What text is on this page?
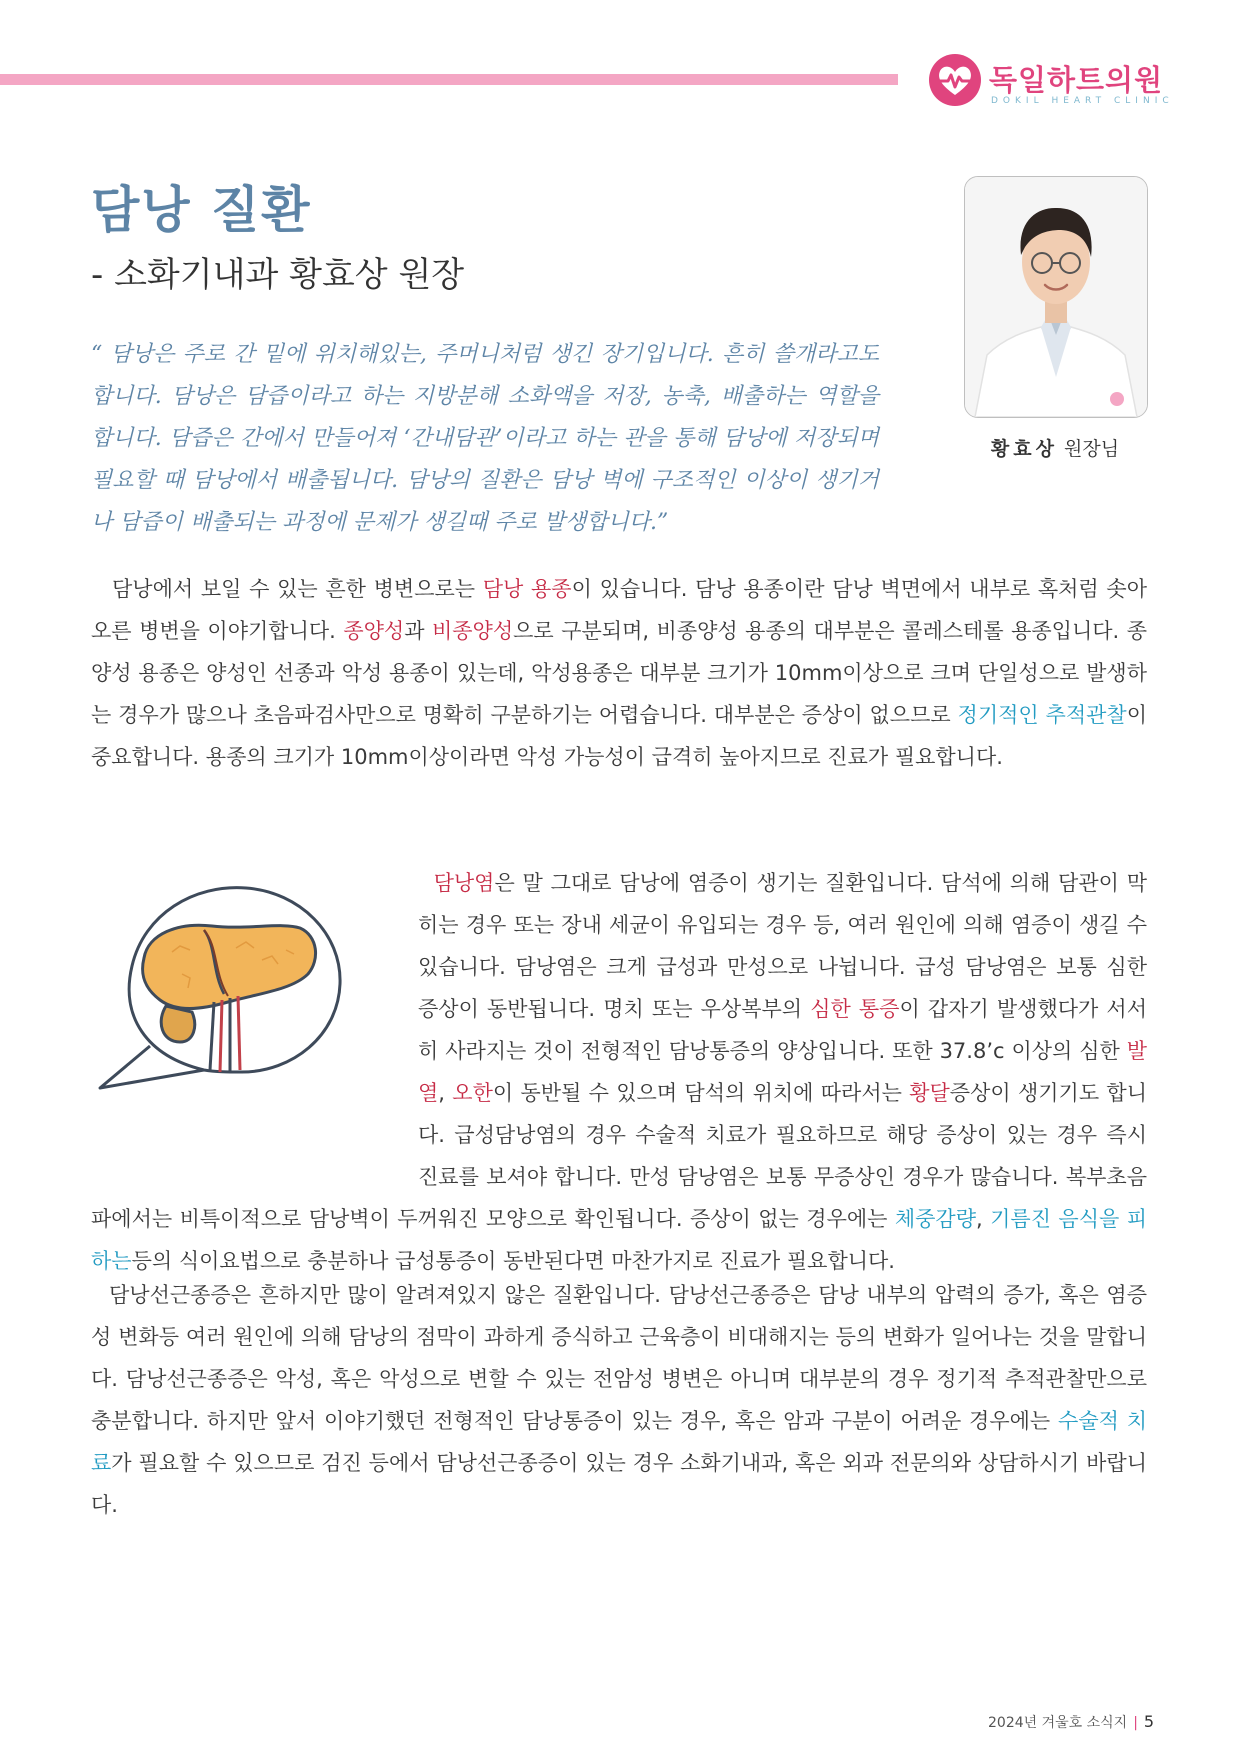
독일하트의원
DOKIL HEART CLINIC
담낭 질환
- 소화기내과 황효상 원장
“ 담낭은 주로 간 밑에 위치해있는, 주머니처럼 생긴 장기입니다. 흔히 쓸개라고도 합니다. 담낭은 담즙이라고 하는 지방분해 소화액을 저장, 농축, 배출하는 역할을 합니다. 담즙은 간에서 만들어져 ‘간내담관’이라고 하는 관을 통해 담낭에 저장되며 필요할 때 담낭에서 배출됩니다. 담낭의 질환은 담낭 벽에 구조적인 이상이 생기거나 담즙이 배출되는 과정에 문제가 생길때 주로 발생합니다.”
황효상 원장님
담낭에서 보일 수 있는 흔한 병변으로는 담낭 용종이 있습니다. 담낭 용종이란 담낭 벽면에서 내부로 혹처럼 솟아오른 병변을 이야기합니다. 종양성과 비종양성으로 구분되며, 비종양성 용종의 대부분은 콜레스테롤 용종입니다. 종양성 용종은 양성인 선종과 악성 용종이 있는데, 악성용종은 대부분 크기가 10mm이상으로 크며 단일성으로 발생하는 경우가 많으나 초음파검사만으로 명확히 구분하기는 어렵습니다. 대부분은 증상이 없으므로 정기적인 추적관찰이 중요합니다. 용종의 크기가 10mm이상이라면 악성 가능성이 급격히 높아지므로 진료가 필요합니다.
담낭염은 말 그대로 담낭에 염증이 생기는 질환입니다. 담석에 의해 담관이 막히는 경우 또는 장내 세균이 유입되는 경우 등, 여러 원인에 의해 염증이 생길 수 있습니다. 담낭염은 크게 급성과 만성으로 나뉩니다. 급성 담낭염은 보통 심한 증상이 동반됩니다. 명치 또는 우상복부의 심한 통증이 갑자기 발생했다가 서서히 사라지는 것이 전형적인 담낭통증의 양상입니다. 또한 37.8’c 이상의 심한 발열, 오한이 동반될 수 있으며 담석의 위치에 따라서는 황달증상이 생기기도 합니다. 급성담낭염의 경우 수술적 치료가 필요하므로 해당 증상이 있는 경우 즉시 진료를 보셔야 합니다. 만성 담낭염은 보통 무증상인 경우가 많습니다. 복부초음파에서는 비특이적으로 담낭벽이 두꺼워진 모양으로 확인됩니다. 증상이 없는 경우에는 체중감량, 기름진 음식을 피하는등의 식이요법으로 충분하나 급성통증이 동반된다면 마찬가지로 진료가 필요합니다.
담낭선근종증은 흔하지만 많이 알려져있지 않은 질환입니다. 담낭선근종증은 담낭 내부의 압력의 증가, 혹은 염증성 변화등 여러 원인에 의해 담낭의 점막이 과하게 증식하고 근육층이 비대해지는 등의 변화가 일어나는 것을 말합니다. 담낭선근종증은 악성, 혹은 악성으로 변할 수 있는 전암성 병변은 아니며 대부분의 경우 정기적 추적관찰만으로 충분합니다. 하지만 앞서 이야기했던 전형적인 담낭통증이 있는 경우, 혹은 암과 구분이 어려운 경우에는 수술적 치료가 필요할 수 있으므로 검진 등에서 담낭선근종증이 있는 경우 소화기내과, 혹은 외과 전문의와 상담하시기 바랍니다.
2024년 겨울호 소식지 | 5
